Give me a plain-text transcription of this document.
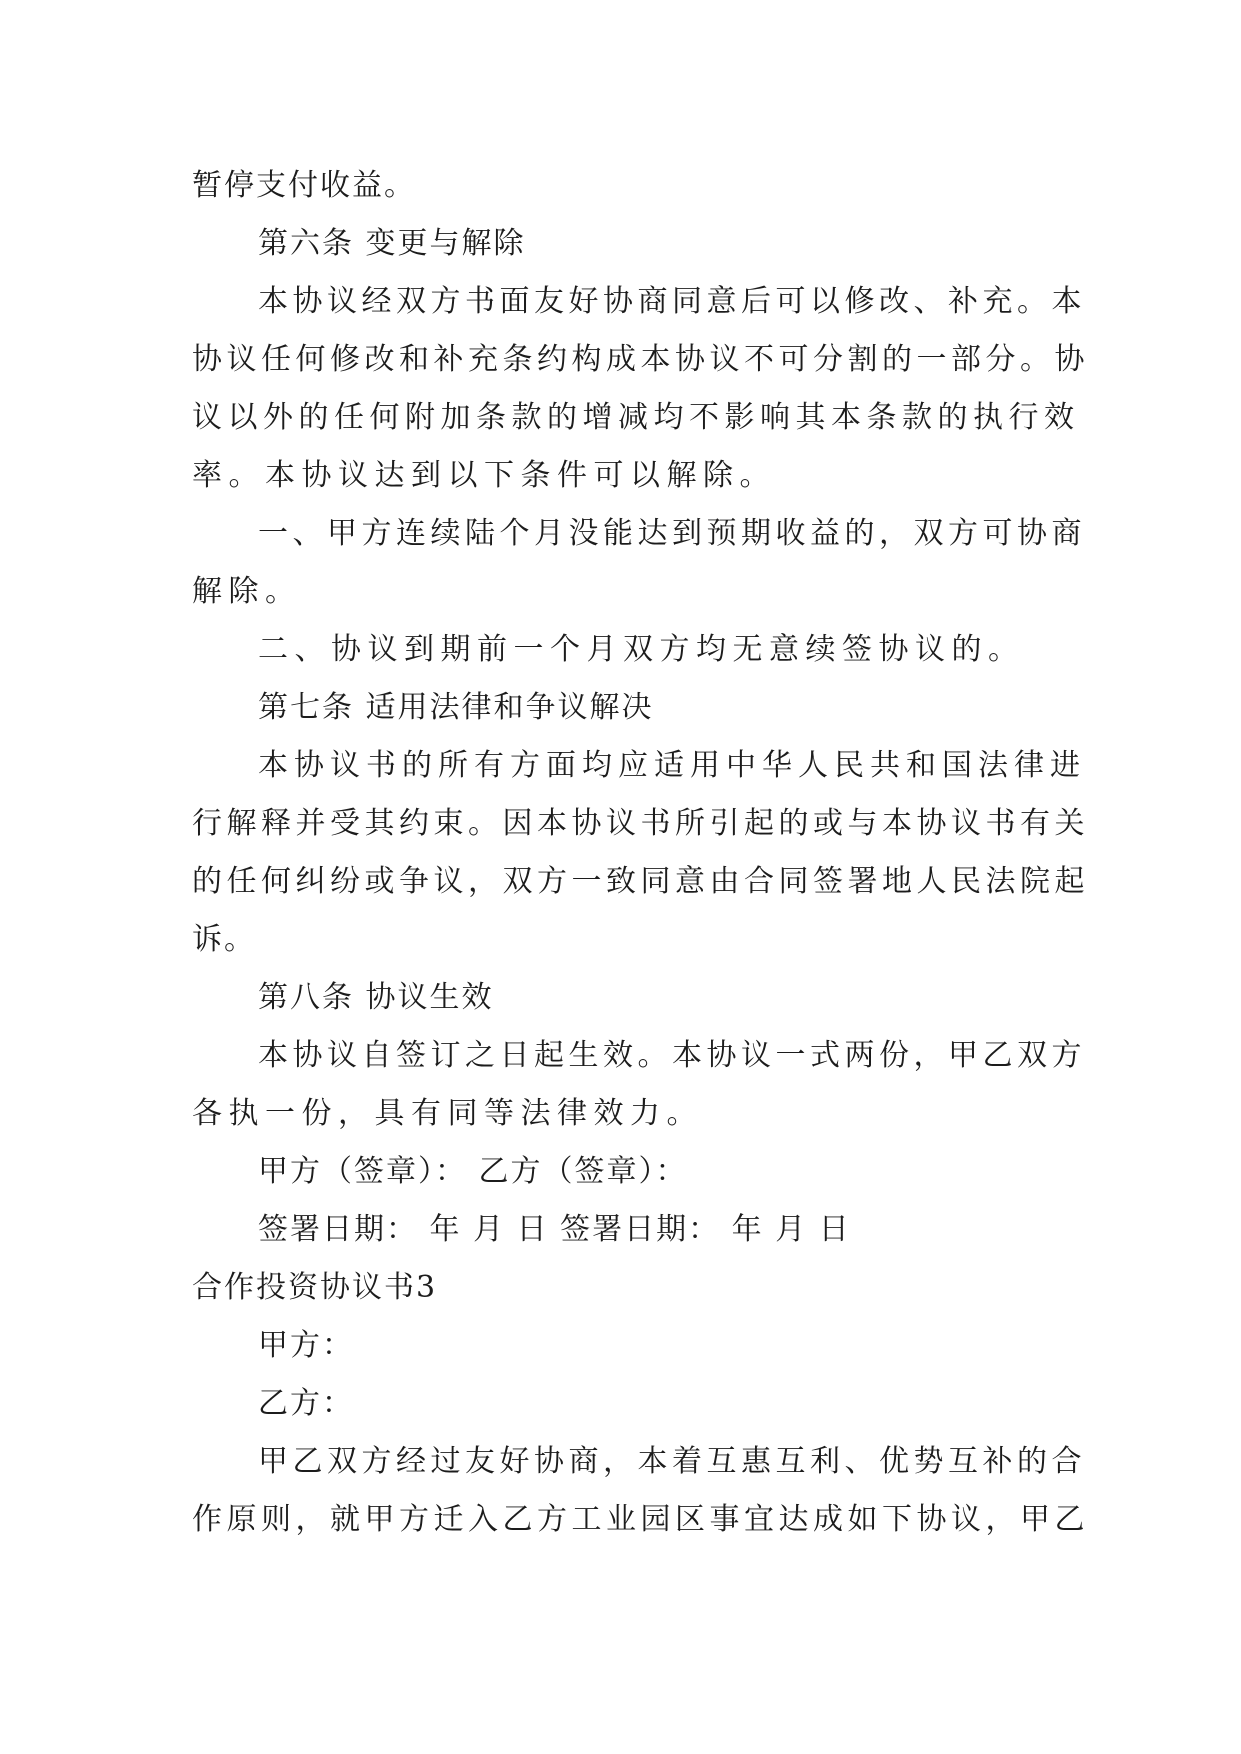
暂停支付收益。
第六条 变更与解除
本协议经双方书面友好协商同意后可以修改、补充。本
协议任何修改和补充条约构成本协议不可分割的一部分。协
议以外的任何附加条款的增减均不影响其本条款的执行效
率。本协议达到以下条件可以解除。
一、甲方连续陆个月没能达到预期收益的，双方可协商
解除。
二、协议到期前一个月双方均无意续签协议的。
第七条 适用法律和争议解决
本协议书的所有方面均应适用中华人民共和国法律进
行解释并受其约束。因本协议书所引起的或与本协议书有关
的任何纠纷或争议，双方一致同意由合同签署地人民法院起
诉。
第八条 协议生效
本协议自签订之日起生效。本协议一式两份，甲乙双方
各执一份，具有同等法律效力。
甲方（签章）： 乙方（签章）：
签署日期： 年 月 日 签署日期： 年 月 日
合作投资协议书3
甲方：
乙方：
甲乙双方经过友好协商，本着互惠互利、优势互补的合
作原则，就甲方迁入乙方工业园区事宜达成如下协议，甲乙
